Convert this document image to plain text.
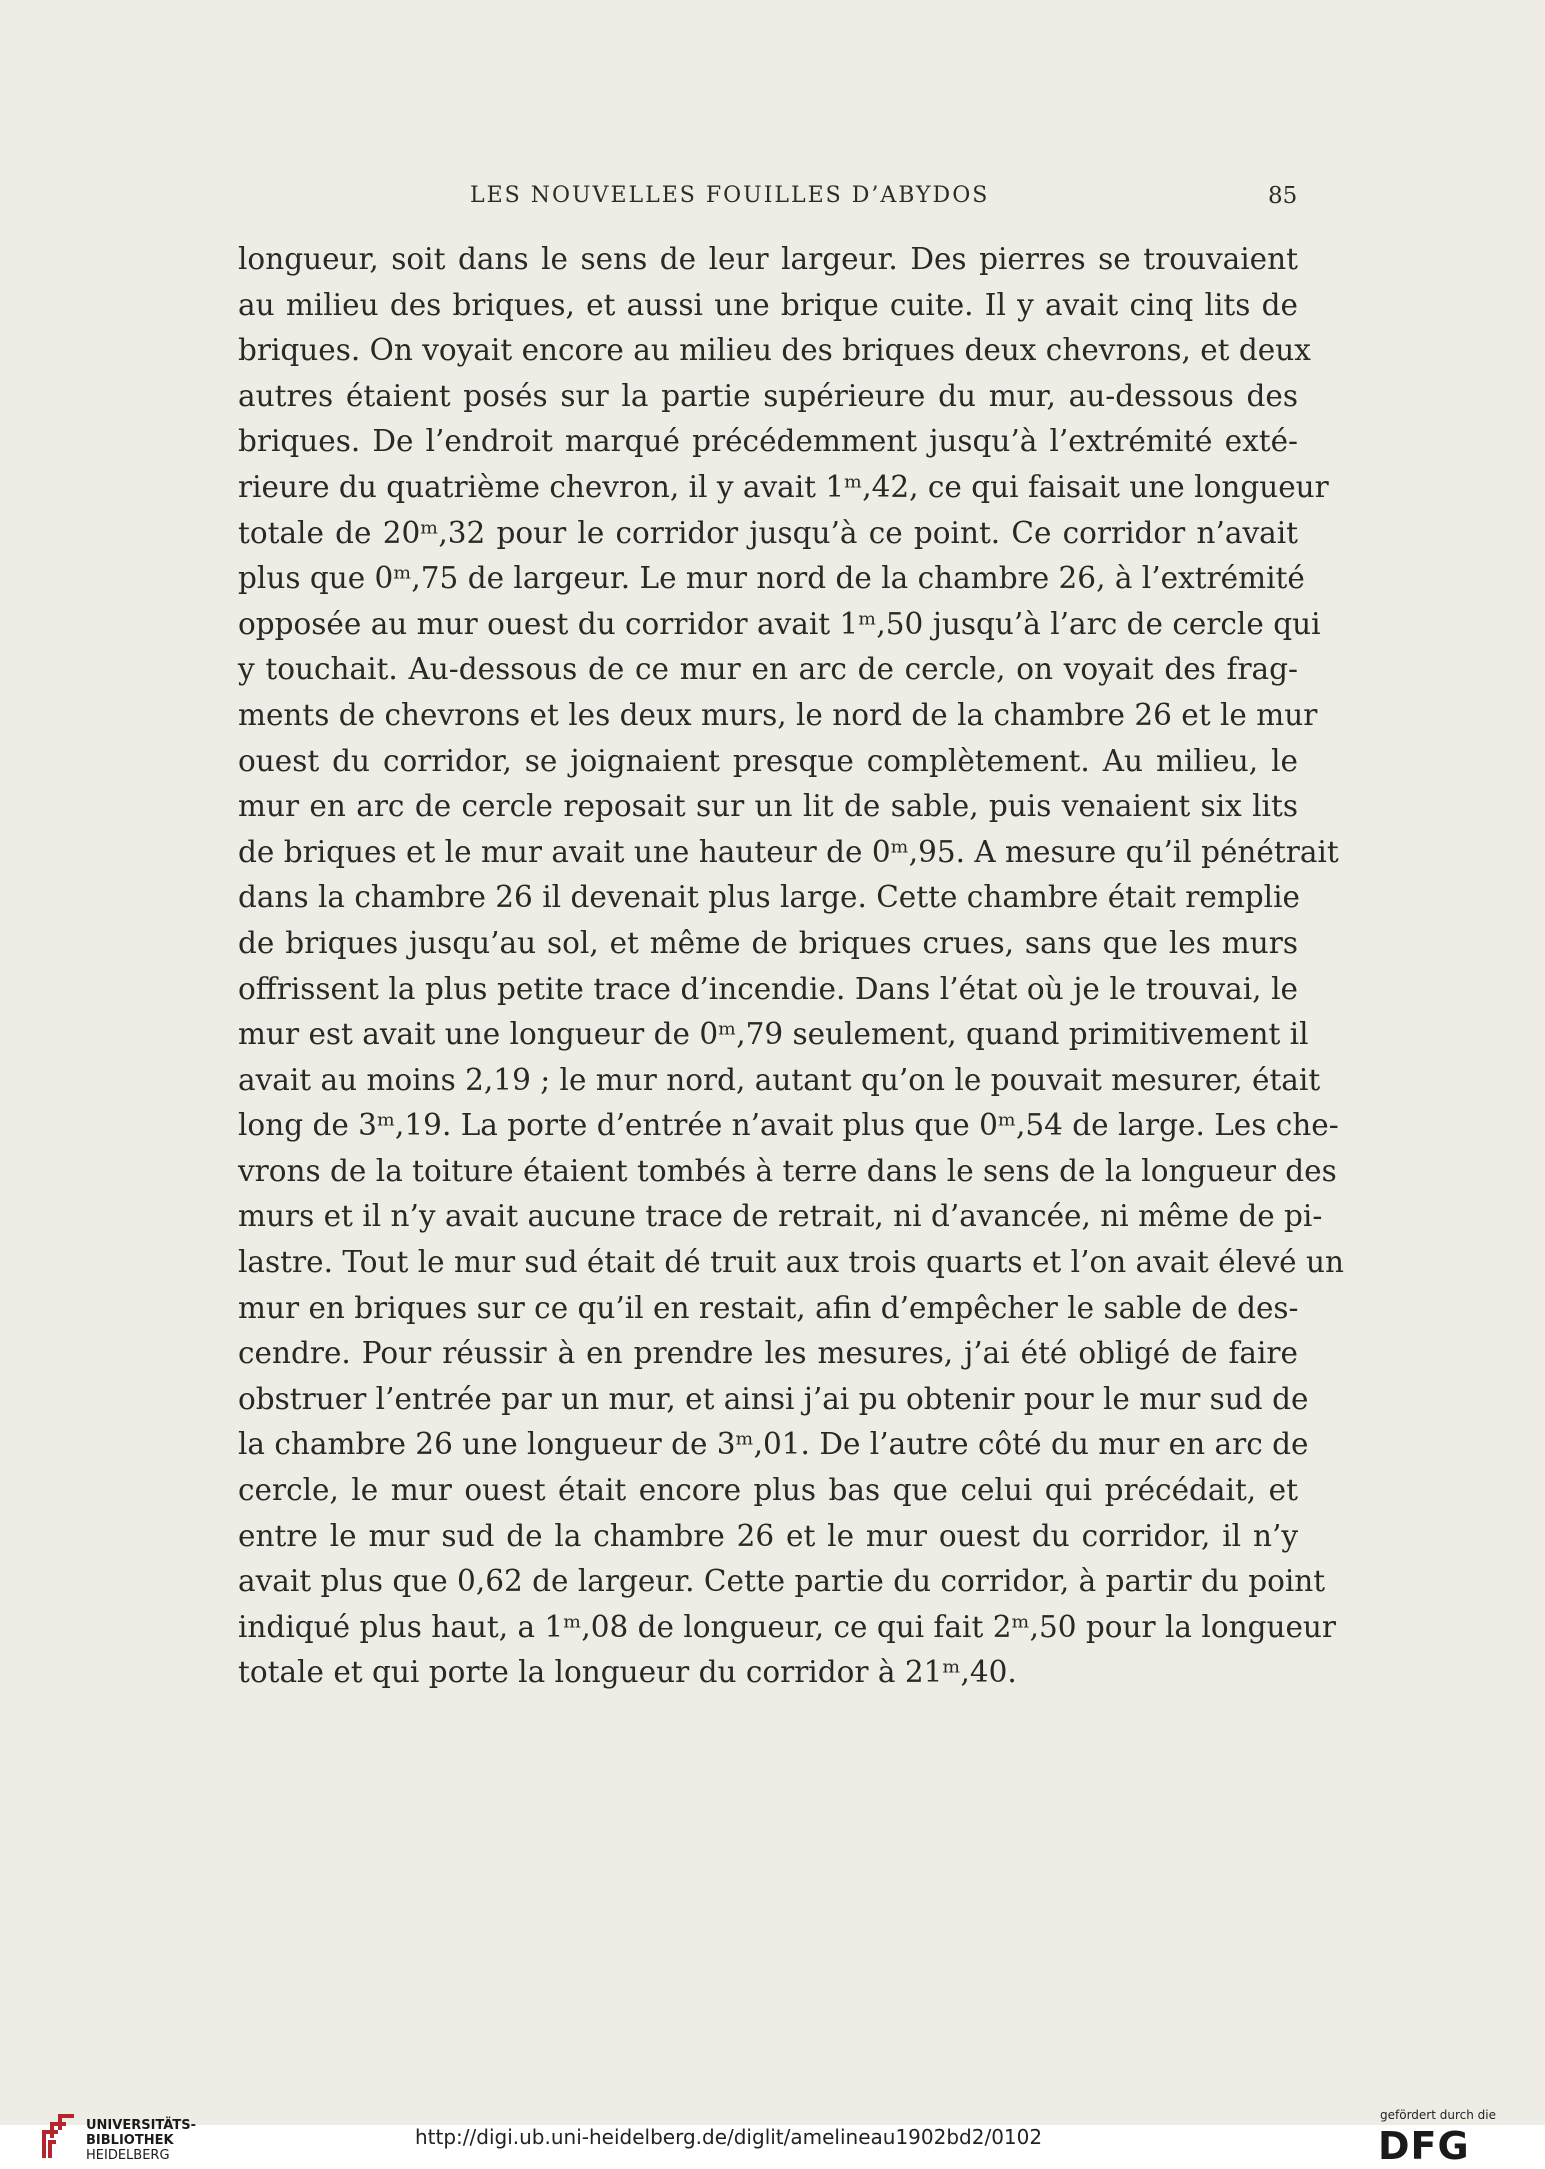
LES NOUVELLES FOUILLES D’ABYDOS	85
longueur, soit dans le sens de leur largeur. Des pierres se trouvaient
au milieu des briques, et aussi une brique cuite. Il y avait cinq lits de
briques. On voyait encore au milieu des briques deux chevrons, et deux
autres étaient posés sur la partie supérieure du mur, au-dessous des
briques. De l’endroit marqué précédemment jusqu’à l’extrémité exté-
rieure du quatrième chevron, il y avait 1ᵐ,42, ce qui faisait une longueur
totale de 20ᵐ,32 pour le corridor jusqu’à ce point. Ce corridor n’avait
plus que 0ᵐ,75 de largeur. Le mur nord de la chambre 26, à l’extrémité
opposée au mur ouest du corridor avait 1ᵐ,50 jusqu’à l’arc de cercle qui
y touchait. Au-dessous de ce mur en arc de cercle, on voyait des frag-
ments de chevrons et les deux murs, le nord de la chambre 26 et le mur
ouest du corridor, se joignaient presque complètement. Au milieu, le
mur en arc de cercle reposait sur un lit de sable, puis venaient six lits
de briques et le mur avait une hauteur de 0ᵐ,95. A mesure qu’il pénétrait
dans la chambre 26 il devenait plus large. Cette chambre était remplie
de briques jusqu’au sol, et même de briques crues, sans que les murs
offrissent la plus petite trace d’incendie. Dans l’état où je le trouvai, le
mur est avait une longueur de 0ᵐ,79 seulement, quand primitivement il
avait au moins 2,19 ; le mur nord, autant qu’on le pouvait mesurer, était
long de 3ᵐ,19. La porte d’entrée n’avait plus que 0ᵐ,54 de large. Les che-
vrons de la toiture étaient tombés à terre dans le sens de la longueur des
murs et il n’y avait aucune trace de retrait, ni d’avancée, ni même de pi-
lastre. Tout le mur sud était dé truit aux trois quarts et l’on avait élevé un
mur en briques sur ce qu’il en restait, afin d’empêcher le sable de des-
cendre. Pour réussir à en prendre les mesures, j’ai été obligé de faire
obstruer l’entrée par un mur, et ainsi j’ai pu obtenir pour le mur sud de
la chambre 26 une longueur de 3ᵐ,01. De l’autre côté du mur en arc de
cercle, le mur ouest était encore plus bas que celui qui précédait, et
entre le mur sud de la chambre 26 et le mur ouest du corridor, il n’y
avait plus que 0,62 de largeur. Cette partie du corridor, à partir du point
indiqué plus haut, a 1ᵐ,08 de longueur, ce qui fait 2ᵐ,50 pour la longueur
totale et qui porte la longueur du corridor à 21ᵐ,40.
UNIVERSITÄTS-
BIBLIOTHEK
HEIDELBERG
http://digi.ub.uni-heidelberg.de/diglit/amelineau1902bd2/0102
gefördert durch die
DFG
